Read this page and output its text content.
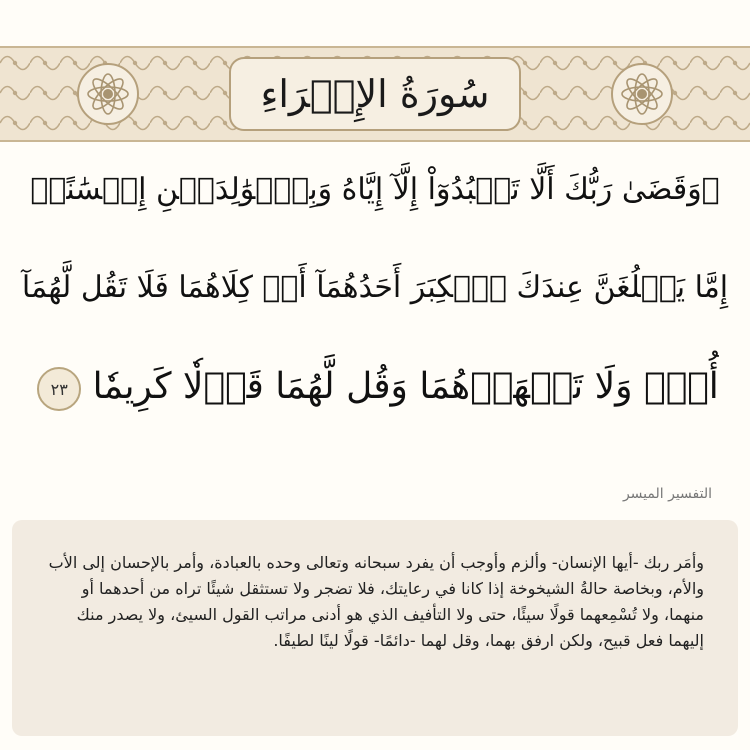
سُورَةُ الإِسۡرَاءِ
۞وَقَضَىٰ رَبُّكَ أَلَّا تَعۡبُدُوٓاْ إِلَّآ إِيَّاهُ وَبِٱلۡوَٰلِدَيۡنِ إِحۡسَٰنًاۚ
إِمَّا يَبۡلُغَنَّ عِندَكَ ٱلۡكِبَرَ أَحَدُهُمَآ أَوۡ كِلَاهُمَا فَلَا تَقُل لَّهُمَآ
أُفّٖ وَلَا تَنۡهَرۡهُمَا وَقُل لَّهُمَا قَوۡلٗا كَرِيمٗا ٢٣
التفسير الميسر
وأمَر ربك -أيها الإنسان- وألزم وأوجب أن يفرد سبحانه وتعالى وحده بالعبادة، وأمر بالإحسان إلى الأب والأم، وبخاصة حالةُ الشيخوخة إذا كانا في رعايتك، فلا تضجر ولا تستثقل شيئًا تراه من أحدهما أو منهما، ولا تُسْمِعهما قولًا سيئًا، حتى ولا التأفيف الذي هو أدنى مراتب القول السيئ، ولا يصدر منك إليهما فعل قبيح، ولكن ارفق بهما، وقل لهما -دائمًا- قولًا لينًا لطيفًا.
